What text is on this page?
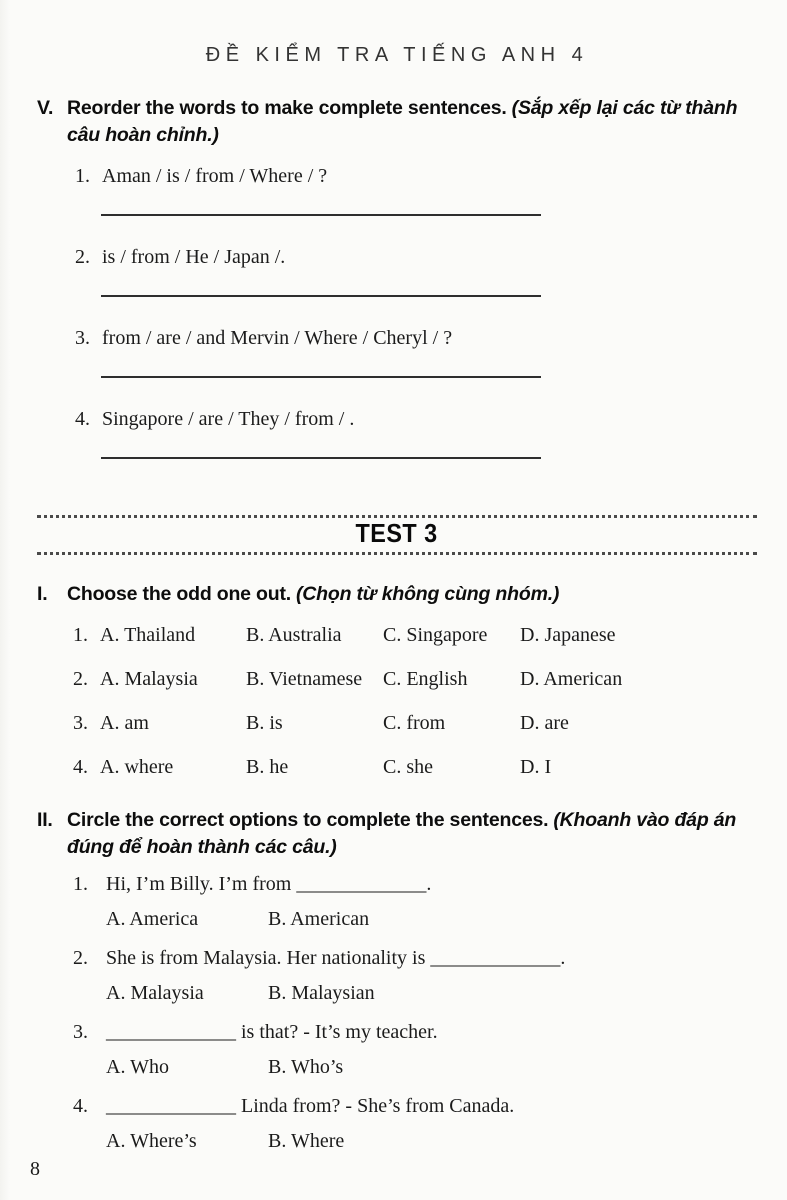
ĐỀ KIỂM TRA TIẾNG ANH 4
V. Reorder the words to make complete sentences. (Sắp xếp lại các từ thành câu hoàn chỉnh.)
1. Aman / is / from / Where / ?
2. is / from / He / Japan /.
3. from / are / and Mervin / Where / Cheryl / ?
4. Singapore / are / They / from / .
TEST 3
I.	Choose the odd one out. (Chọn từ không cùng nhóm.)
1. A. Thailand	B. Australia	C. Singapore	D. Japanese
2. A. Malaysia	B. Vietnamese	C. English	D. American
3. A. am	B. is	C. from	D. are
4. A. where	B. he	C. she	D. I
II. Circle the correct options to complete the sentences. (Khoanh vào đáp án đúng để hoàn thành các câu.)
1. Hi, I’m Billy. I’m from _____________.
A. America	B. American
2. She is from Malaysia. Her nationality is _____________.
A. Malaysia	B. Malaysian
3. _____________ is that? - It’s my teacher.
A. Who	B. Who’s
4. _____________ Linda from? - She’s from Canada.
A. Where’s	B. Where
8
